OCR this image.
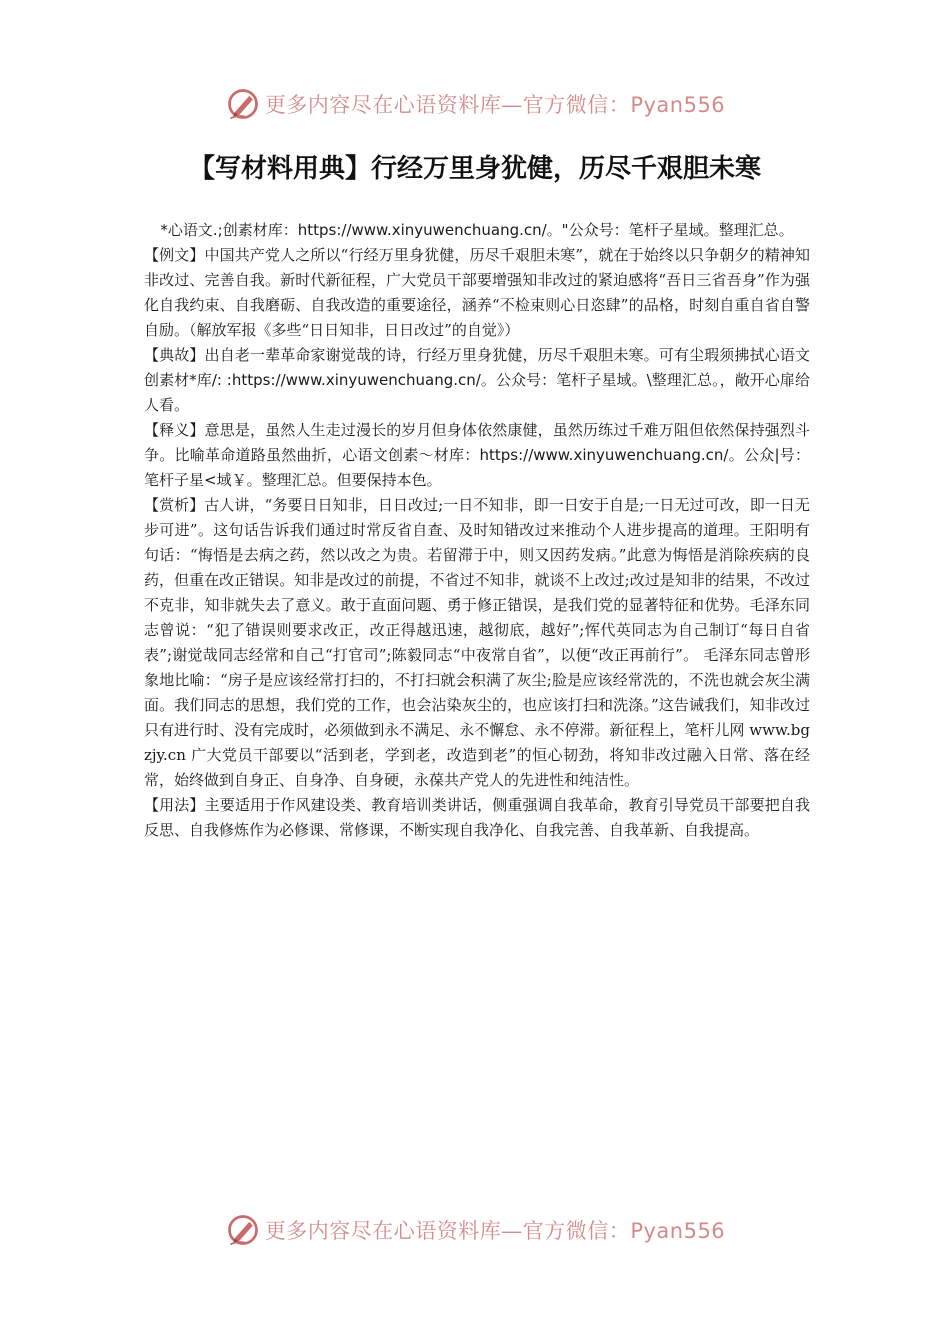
更多内容尽在心语资料库—官方微信：Pyan556
【写材料用典】行经万里身犹健，历尽千艰胆未寒

*心语文.;创素材库：https://www.xinyuwenchuang.cn/。"公众号：笔杆子星域。整理汇总。

【例文】中国共产党人之所以“行经万里身犹健，历尽千艰胆未寒”，就在于始终以只争朝夕的精神知非改过、完善自我。新时代新征程，广大党员干部要增强知非改过的紧迫感将“吾日三省吾身”作为强化自我约束、自我磨砺、自我改造的重要途径，涵养“不检束则心日恣肆”的品格，时刻自重自省自警自励。（解放军报《多些“日日知非，日日改过”的自觉》）

【典故】出自老一辈革命家谢觉哉的诗，行经万里身犹健，历尽千艰胆未寒。可有尘瑕须拂拭心语文创素材*库/: :https://www.xinyuwenchuang.cn/。公众号：笔杆子星域。\整理汇总。，敞开心扉给人看。

【释义】意思是，虽然人生走过漫长的岁月但身体依然康健，虽然历练过千难万阻但依然保持强烈斗争。比喻革命道路虽然曲折，心语文创素～材库：https://www.xinyuwenchuang.cn/。公众|号：笔杆子星<域￥。整理汇总。但要保持本色。

【赏析】古人讲，“务要日日知非，日日改过;一日不知非，即一日安于自是;一日无过可改，即一日无步可进”。这句话告诉我们通过时常反省自查、及时知错改过来推动个人进步提高的道理。王阳明有句话：“悔悟是去病之药，然以改之为贵。若留滞于中，则又因药发病。”此意为悔悟是消除疾病的良药，但重在改正错误。知非是改过的前提，不省过不知非，就谈不上改过;改过是知非的结果，不改过不克非，知非就失去了意义。敢于直面问题、勇于修正错误，是我们党的显著特征和优势。毛泽东同志曾说：“犯了错误则要求改正，改正得越迅速，越彻底，越好”;恽代英同志为自己制订“每日自省表”;谢觉哉同志经常和自己“打官司”;陈毅同志“中夜常自省”，以便“改正再前行”。 毛泽东同志曾形象地比喻：“房子是应该经常打扫的，不打扫就会积满了灰尘;脸是应该经常洗的，不洗也就会灰尘满面。我们同志的思想，我们党的工作，也会沾染灰尘的，也应该打扫和洗涤。”这告诫我们，知非改过只有进行时、没有完成时，必须做到永不满足、永不懈怠、永不停滞。新征程上，笔杆儿网 www.bgzjy.cn 广大党员干部要以“活到老，学到老，改造到老”的恒心韧劲，将知非改过融入日常、落在经常，始终做到自身正、自身净、自身硬，永葆共产党人的先进性和纯洁性。

【用法】主要适用于作风建设类、教育培训类讲话，侧重强调自我革命，教育引导党员干部要把自我反思、自我修炼作为必修课、常修课，不断实现自我净化、自我完善、自我革新、自我提高。

更多内容尽在心语资料库—官方微信：Pyan556
